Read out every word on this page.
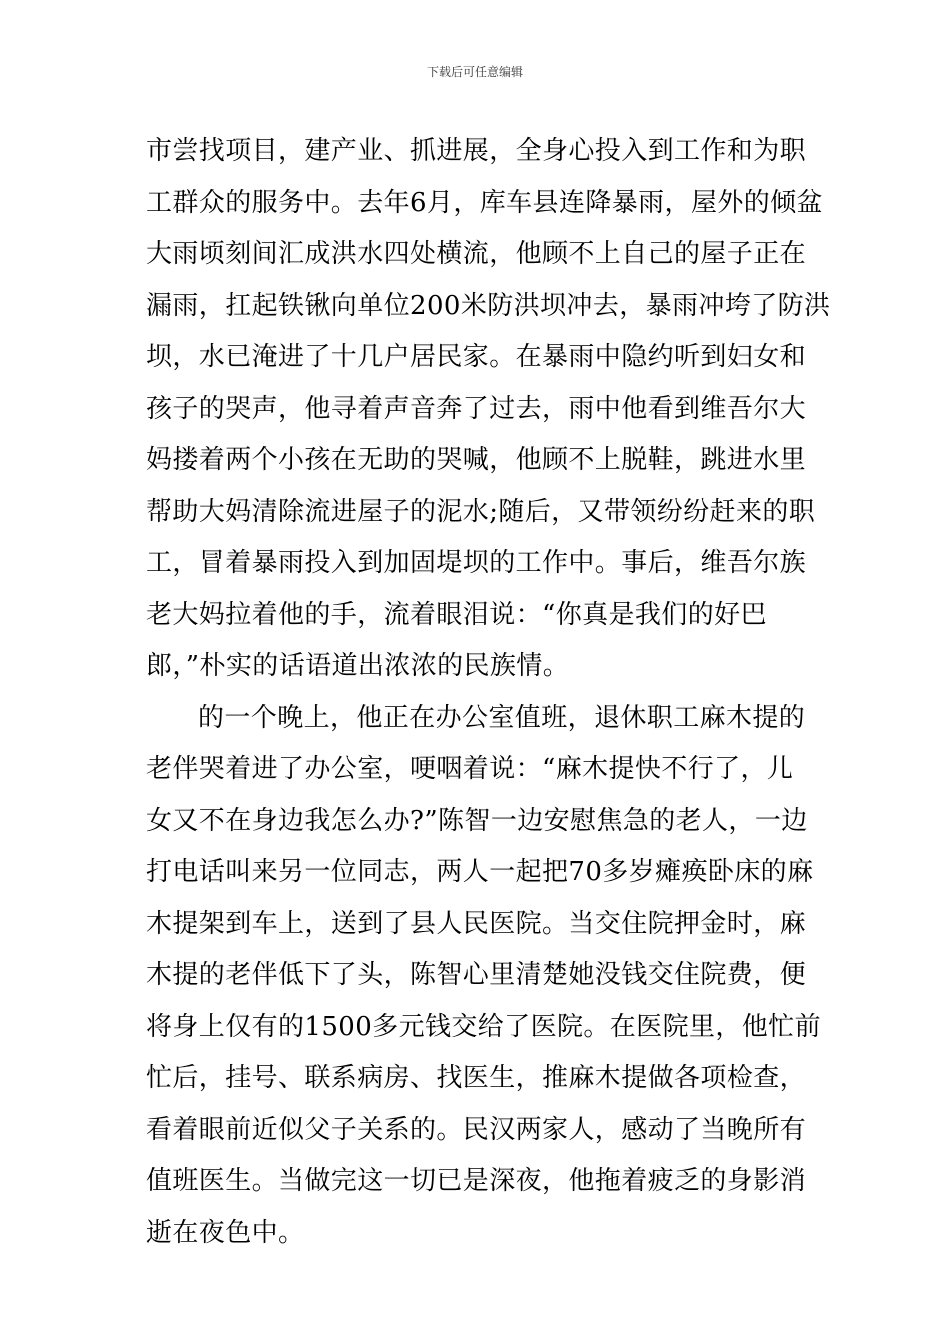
下载后可任意编辑
市尝找项目，建产业、抓进展，全身心投入到工作和为职
工群众的服务中。去年6月，库车县连降暴雨，屋外的倾盆
大雨顷刻间汇成洪水四处横流，他顾不上自己的屋子正在
漏雨，扛起铁锹向单位200米防洪坝冲去，暴雨冲垮了防洪
坝，水已淹进了十几户居民家。在暴雨中隐约听到妇女和
孩子的哭声，他寻着声音奔了过去，雨中他看到维吾尔大
妈搂着两个小孩在无助的哭喊，他顾不上脱鞋，跳进水里
帮助大妈清除流进屋子的泥水;随后，又带领纷纷赶来的职
工，冒着暴雨投入到加固堤坝的工作中。事后，维吾尔族
老大妈拉着他的手，流着眼泪说：“你真是我们的好巴
郎，”朴实的话语道出浓浓的民族情。
的一个晚上，他正在办公室值班，退休职工麻木提的
老伴哭着进了办公室，哽咽着说：“麻木提快不行了，儿
女又不在身边我怎么办?”陈智一边安慰焦急的老人，一边
打电话叫来另一位同志，两人一起把70多岁瘫痪卧床的麻
木提架到车上，送到了县人民医院。当交住院押金时，麻
木提的老伴低下了头，陈智心里清楚她没钱交住院费，便
将身上仅有的1500多元钱交给了医院。在医院里，他忙前
忙后，挂号、联系病房、找医生，推麻木提做各项检查，
看着眼前近似父子关系的。民汉两家人，感动了当晚所有
值班医生。当做完这一切已是深夜，他拖着疲乏的身影消
逝在夜色中。
